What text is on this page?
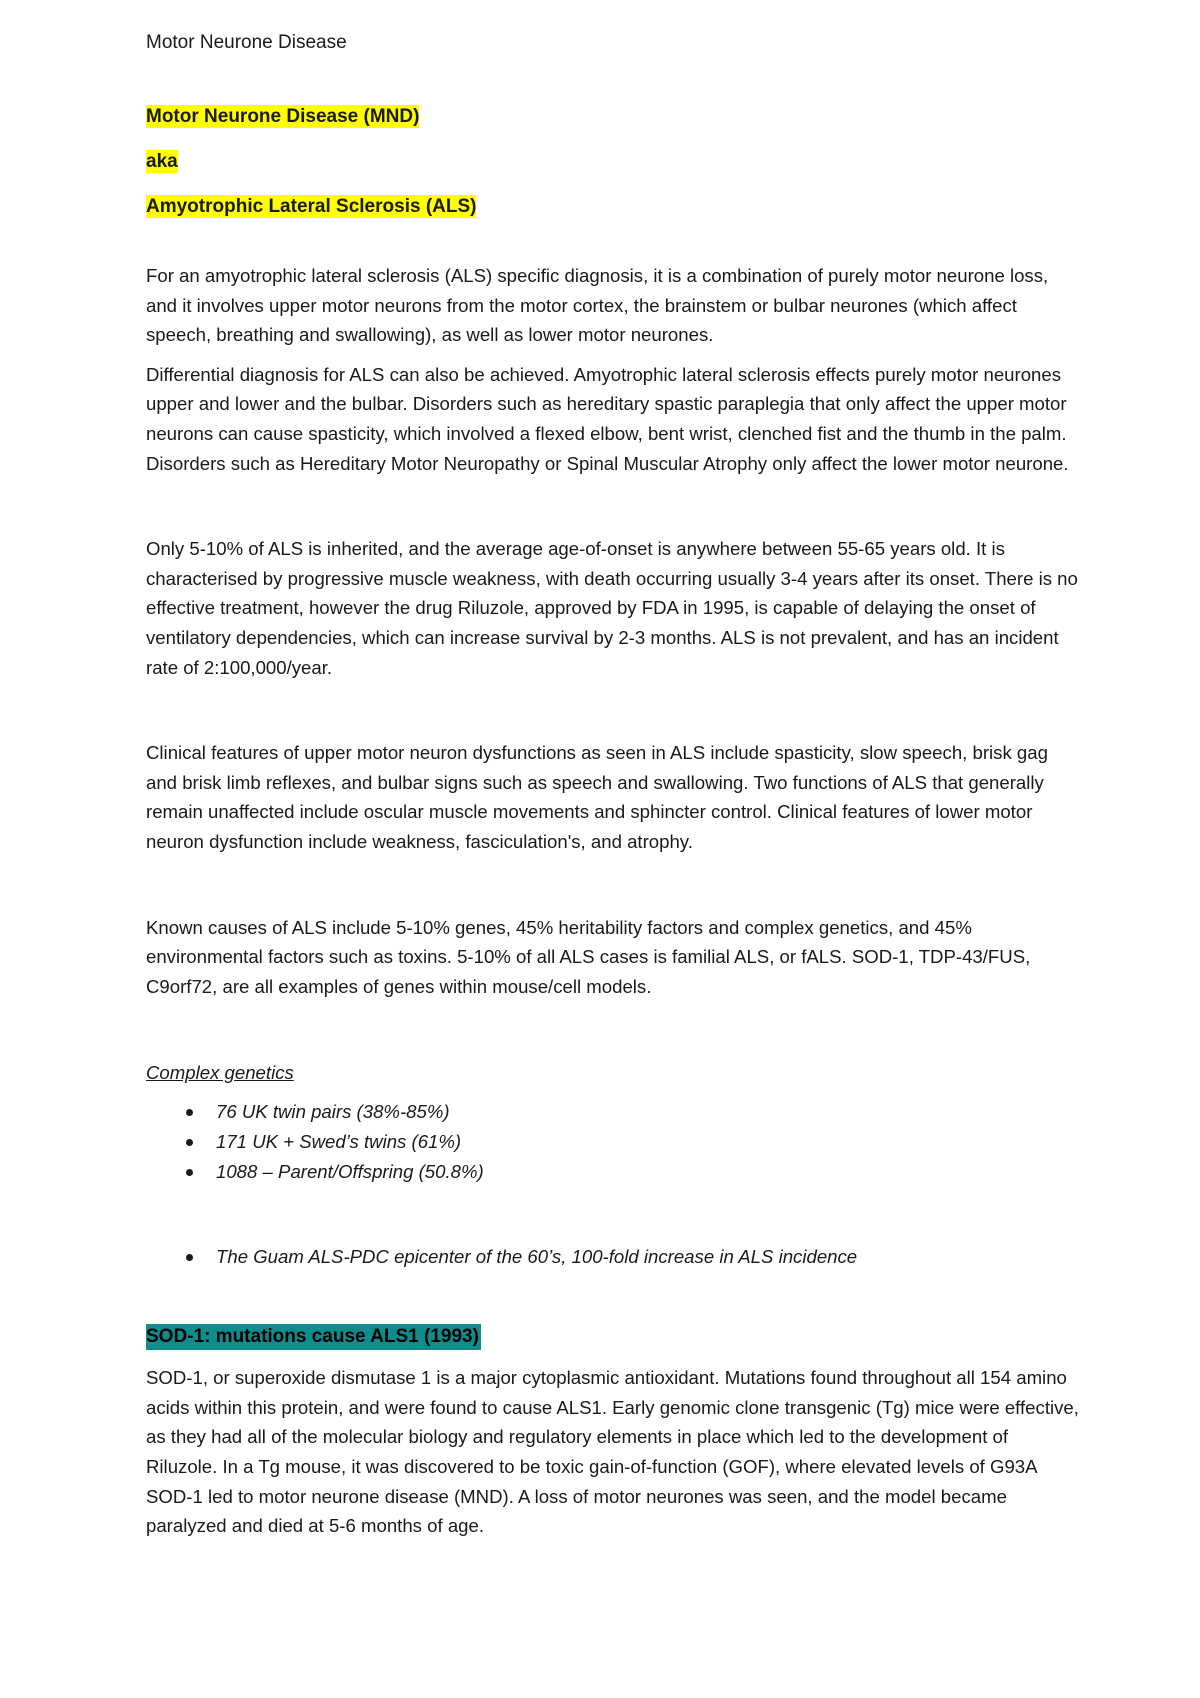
Motor Neurone Disease
Motor Neurone Disease (MND)
aka
Amyotrophic Lateral Sclerosis (ALS)

For an amyotrophic lateral sclerosis (ALS) specific diagnosis, it is a combination of purely motor neurone loss, and it involves upper motor neurons from the motor cortex, the brainstem or bulbar neurones (which affect speech, breathing and swallowing), as well as lower motor neurones.

Differential diagnosis for ALS can also be achieved. Amyotrophic lateral sclerosis effects purely motor neurones upper and lower and the bulbar. Disorders such as hereditary spastic paraplegia that only affect the upper motor neurons can cause spasticity, which involved a flexed elbow, bent wrist, clenched fist and the thumb in the palm. Disorders such as Hereditary Motor Neuropathy or Spinal Muscular Atrophy only affect the lower motor neurone.

Only 5-10% of ALS is inherited, and the average age-of-onset is anywhere between 55-65 years old. It is characterised by progressive muscle weakness, with death occurring usually 3-4 years after its onset. There is no effective treatment, however the drug Riluzole, approved by FDA in 1995, is capable of delaying the onset of ventilatory dependencies, which can increase survival by 2-3 months. ALS is not prevalent, and has an incident rate of 2:100,000/year.

Clinical features of upper motor neuron dysfunctions as seen in ALS include spasticity, slow speech, brisk gag and brisk limb reflexes, and bulbar signs such as speech and swallowing. Two functions of ALS that generally remain unaffected include oscular muscle movements and sphincter control. Clinical features of lower motor neuron dysfunction include weakness, fasciculation's, and atrophy.

Known causes of ALS include 5-10% genes, 45% heritability factors and complex genetics, and 45% environmental factors such as toxins. 5-10% of all ALS cases is familial ALS, or fALS. SOD-1, TDP-43/FUS, C9orf72, are all examples of genes within mouse/cell models.

Complex genetics
76 UK twin pairs (38%-85%)
171 UK + Swed’s twins (61%)
1088 – Parent/Offspring (50.8%)
The Guam ALS-PDC epicenter of the 60’s, 100-fold increase in ALS incidence
SOD-1: mutations cause ALS1 (1993)

SOD-1, or superoxide dismutase 1 is a major cytoplasmic antioxidant. Mutations found throughout all 154 amino acids within this protein, and were found to cause ALS1. Early genomic clone transgenic (Tg) mice were effective, as they had all of the molecular biology and regulatory elements in place which led to the development of Riluzole. In a Tg mouse, it was discovered to be toxic gain-of-function (GOF), where elevated levels of G93A SOD-1 led to motor neurone disease (MND). A loss of motor neurones was seen, and the model became paralyzed and died at 5-6 months of age.
